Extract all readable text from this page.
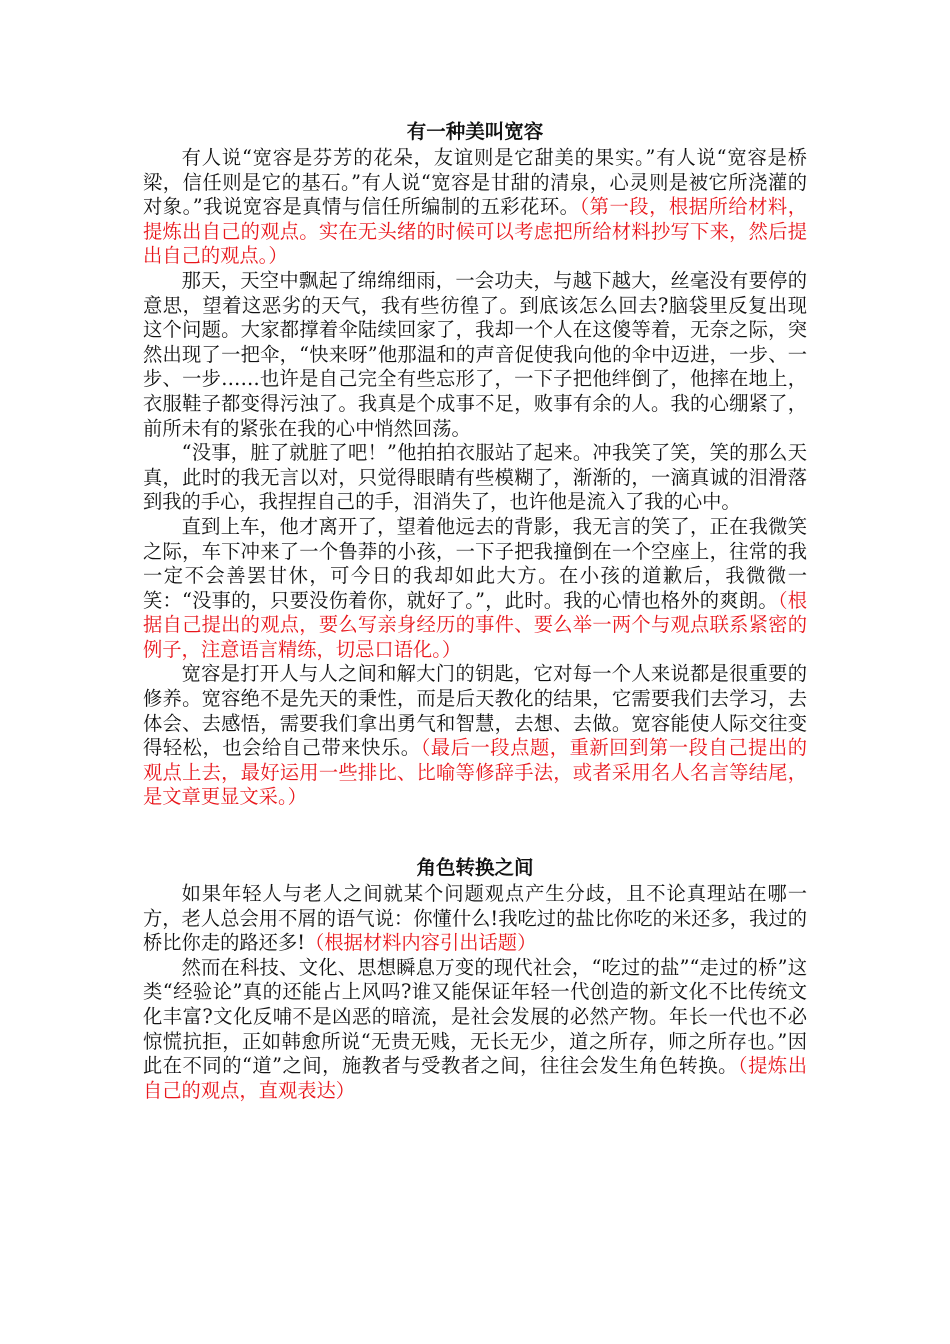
有一种美叫宽容

有人说“宽容是芬芳的花朵，友谊则是它甜美的果实。”有人说“宽容是桥梁，信任则是它的基石。”有人说“宽容是甘甜的清泉，心灵则是被它所浇灌的对象。”我说宽容是真情与信任所编制的五彩花环。（第一段，根据所给材料，提炼出自己的观点。实在无头绪的时候可以考虑把所给材料抄写下来，然后提出自己的观点。）

那天，天空中飘起了绵绵细雨，一会功夫，与越下越大，丝毫没有要停的意思，望着这恶劣的天气，我有些彷徨了。到底该怎么回去?脑袋里反复出现这个问题。大家都撑着伞陆续回家了，我却一个人在这傻等着，无奈之际，突然出现了一把伞，“快来呀”他那温和的声音促使我向他的伞中迈进，一步、一步、一步……也许是自己完全有些忘形了，一下子把他绊倒了，他摔在地上，衣服鞋子都变得污浊了。我真是个成事不足，败事有余的人。我的心绷紧了，前所未有的紧张在我的心中悄然回荡。

“没事，脏了就脏了吧！”他拍拍衣服站了起来。冲我笑了笑，笑的那么天真，此时的我无言以对，只觉得眼睛有些模糊了，渐渐的，一滴真诚的泪滑落到我的手心，我捏捏自己的手，泪消失了，也许他是流入了我的心中。

直到上车，他才离开了，望着他远去的背影，我无言的笑了，正在我微笑之际，车下冲来了一个鲁莽的小孩，一下子把我撞倒在一个空座上，往常的我一定不会善罢甘休，可今日的我却如此大方。在小孩的道歉后，我微微一笑：“没事的，只要没伤着你，就好了。”，此时。我的心情也格外的爽朗。（根据自己提出的观点，要么写亲身经历的事件、要么举一两个与观点联系紧密的例子，注意语言精练，切忌口语化。）

宽容是打开人与人之间和解大门的钥匙，它对每一个人来说都是很重要的修养。宽容绝不是先天的秉性，而是后天教化的结果，它需要我们去学习，去体会、去感悟，需要我们拿出勇气和智慧，去想、去做。宽容能使人际交往变得轻松，也会给自己带来快乐。（最后一段点题，重新回到第一段自己提出的观点上去，最好运用一些排比、比喻等修辞手法，或者采用名人名言等结尾，是文章更显文采。）

角色转换之间

如果年轻人与老人之间就某个问题观点产生分歧，且不论真理站在哪一方，老人总会用不屑的语气说：你懂什么!我吃过的盐比你吃的米还多，我过的桥比你走的路还多!（根据材料内容引出话题）

然而在科技、文化、思想瞬息万变的现代社会，“吃过的盐”“走过的桥”这类“经验论”真的还能占上风吗?谁又能保证年轻一代创造的新文化不比传统文化丰富?文化反哺不是凶恶的暗流，是社会发展的必然产物。年长一代也不必惊慌抗拒，正如韩愈所说“无贵无贱，无长无少，道之所存，师之所存也。”因此在不同的“道”之间，施教者与受教者之间，往往会发生角色转换。（提炼出自己的观点，直观表达）
